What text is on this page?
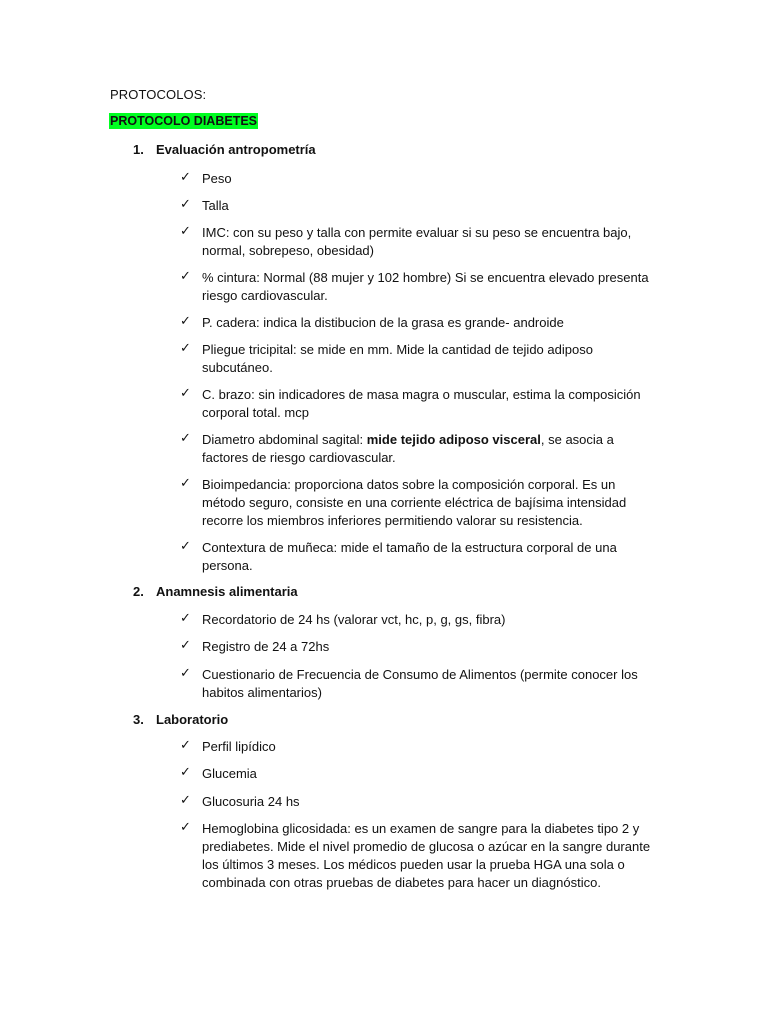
PROTOCOLOS:
PROTOCOLO DIABETES
1. Evaluación antropometría
✓ Peso
✓ Talla
✓ IMC: con su peso y talla con permite evaluar si su peso se encuentra bajo, normal, sobrepeso, obesidad)
✓ % cintura: Normal (88 mujer y 102 hombre) Si se encuentra elevado presenta riesgo cardiovascular.
✓ P. cadera: indica la distibucion de la grasa es grande- androide
✓ Pliegue tricipital: se mide en mm. Mide la cantidad de tejido adiposo subcutáneo.
✓ C. brazo: sin indicadores de masa magra o muscular, estima la composición corporal total. mcp
✓ Diametro abdominal sagital: mide tejido adiposo visceral, se asocia a factores de riesgo cardiovascular.
✓ Bioimpedancia: proporciona datos sobre la composición corporal. Es un método seguro, consiste en una corriente eléctrica de bajísima intensidad recorre los miembros inferiores permitiendo valorar su resistencia.
✓ Contextura de muñeca: mide el tamaño de la estructura corporal de una persona.
2. Anamnesis alimentaria
✓ Recordatorio de 24 hs (valorar vct, hc, p, g, gs, fibra)
✓ Registro de 24 a 72hs
✓ Cuestionario de Frecuencia de Consumo de Alimentos (permite conocer los habitos alimentarios)
3. Laboratorio
✓ Perfil lipídico
✓ Glucemia
✓ Glucosuria 24 hs
✓ Hemoglobina glicosidada: es un examen de sangre para la diabetes tipo 2 y prediabetes. Mide el nivel promedio de glucosa o azúcar en la sangre durante los últimos 3 meses. Los médicos pueden usar la prueba HGA una sola o combinada con otras pruebas de diabetes para hacer un diagnóstico.
